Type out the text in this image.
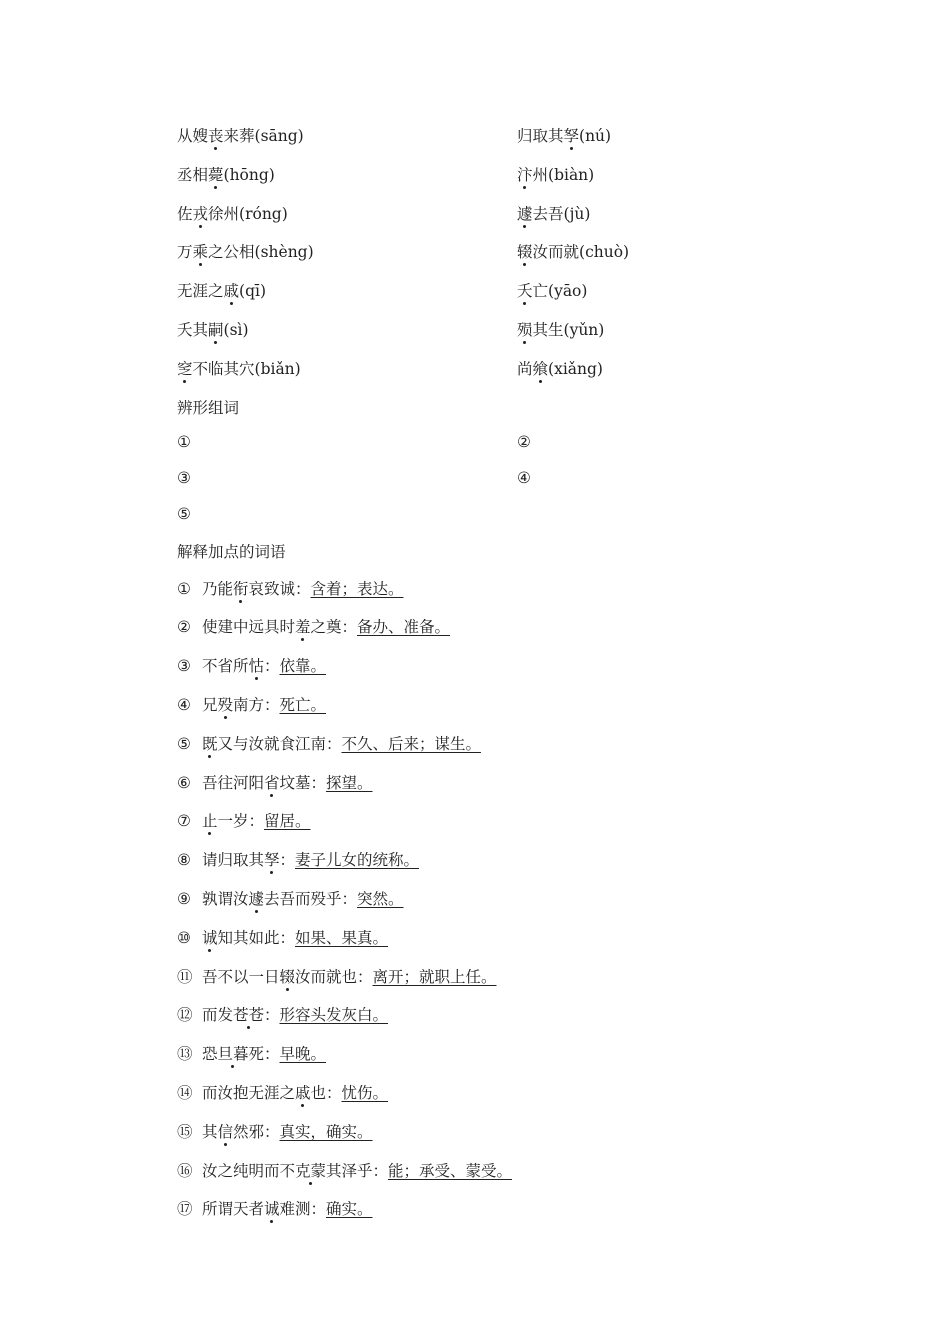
从嫂丧来葬(sāng)	归取其孥(nú)
丞相薨(hōng)	汴州(biàn)
佐戎徐州(róng)	遽去吾(jù)
万乘之公相(shèng)	辍汝而就(chuò)
无涯之戚(qī)	夭亡(yāo)
夭其嗣(sì)	殒其生(yǔn)
窆不临其穴(biǎn)	尚飨(xiǎng)
辨形组词
①	②
③	④
⑤
解释加点的词语
① 乃能衔哀致诚：含着；表达。
② 使建中远具时羞之奠：备办、准备。
③ 不省所怙：依靠。
④ 兄殁南方：死亡。
⑤ 既又与汝就食江南：不久、后来；谋生。
⑥ 吾往河阳省坟墓：探望。
⑦ 止一岁：留居。
⑧ 请归取其孥：妻子儿女的统称。
⑨ 孰谓汝遽去吾而殁乎：突然。
⑩ 诚知其如此：如果、果真。
⑪ 吾不以一日辍汝而就也：离开；就职上任。
⑫ 而发苍苍：形容头发灰白。
⑬ 恐旦暮死：早晚。
⑭ 而汝抱无涯之戚也：忧伤。
⑮ 其信然邪：真实，确实。
⑯ 汝之纯明而不克蒙其泽乎：能；承受、蒙受。
⑰ 所谓天者诚难测：确实。
